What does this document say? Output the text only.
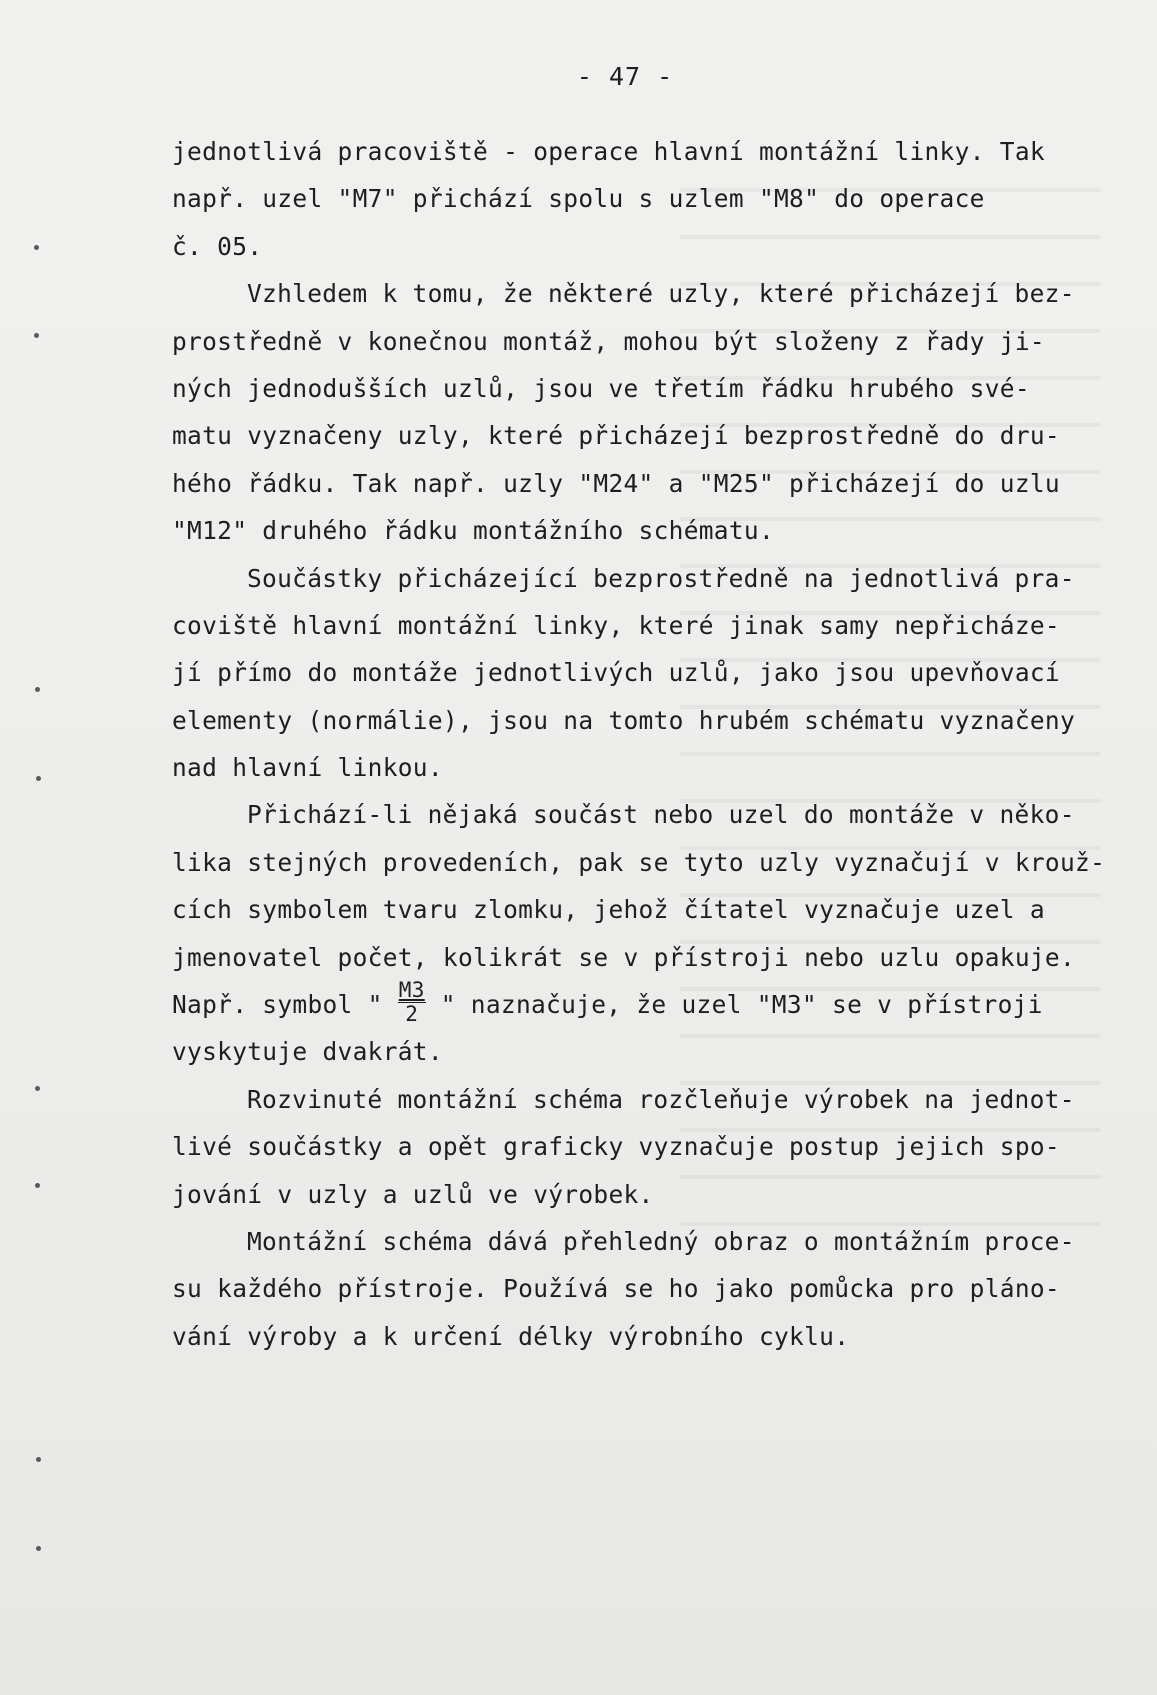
- 47 -
jednotlivá pracoviště - operace hlavní montážní linky. Tak
např. uzel "M7" přichází spolu s uzlem "M8" do operace
č. 05.
Vzhledem k tomu, že některé uzly, které přicházejí bez-
prostředně v konečnou montáž, mohou být složeny z řady ji-
ných jednodušších uzlů, jsou ve třetím řádku hrubého své-
matu vyznačeny uzly, které přicházejí bezprostředně do dru-
hého řádku. Tak např. uzly "M24" a "M25" přicházejí do uzlu
"M12" druhého řádku montážního schématu.
Součástky přicházející bezprostředně na jednotlivá pra-
coviště hlavní montážní linky, které jinak samy nepřicháze-
jí přímo do montáže jednotlivých uzlů, jako jsou upevňovací
elementy (normálie), jsou na tomto hrubém schématu vyznačeny
nad hlavní linkou.
Přichází-li nějaká součást nebo uzel do montáže v něko-
lika stejných provedeních, pak se tyto uzly vyznačují v krouž-
cích symbolem tvaru zlomku, jehož čítatel vyznačuje uzel a
jmenovatel počet, kolikrát se v přístroji nebo uzlu opakuje.
Např. symbol " $\frac{M3}{2}$ " naznačuje, že uzel "M3" se v přístroji
vyskytuje dvakrát.
Rozvinuté montážní schéma rozčleňuje výrobek na jednot-
livé součástky a opět graficky vyznačuje postup jejich spo-
jování v uzly a uzlů ve výrobek.
Montážní schéma dává přehledný obraz o montážním proce-
su každého přístroje. Používá se ho jako pomůcka pro pláno-
vání výroby a k určení délky výrobního cyklu.
